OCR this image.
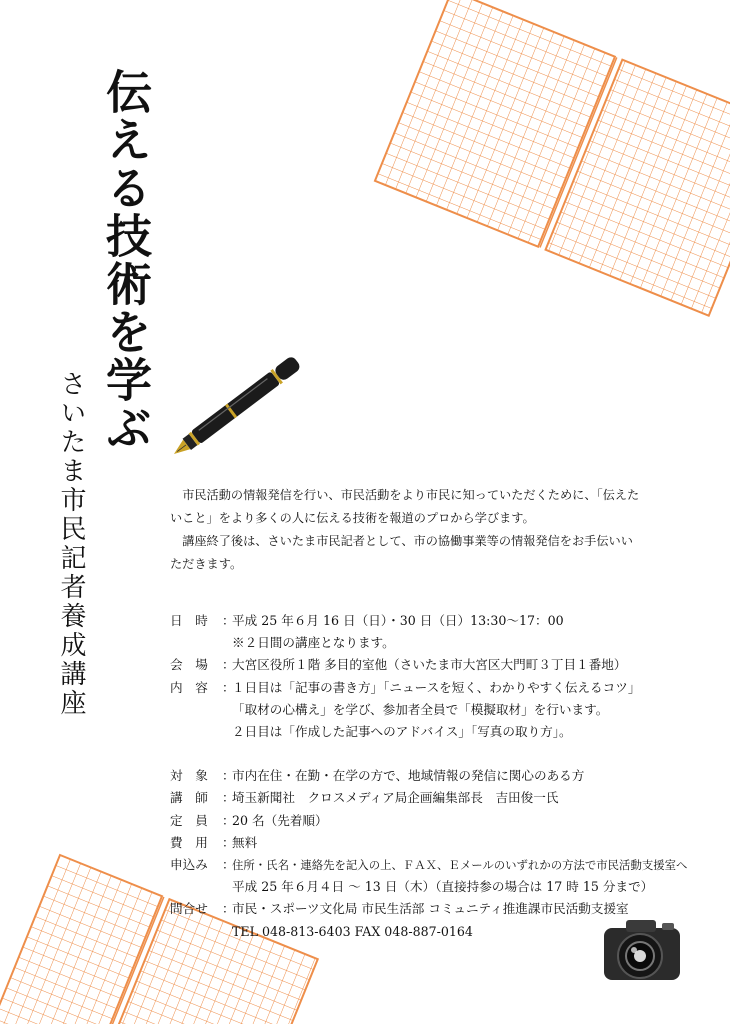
伝える技術を学ぶ
さいたま市民記者養成講座	市民活動の情報発信を行い、市民活動をより市民に知っていただくために、「伝えたいこと」をより多くの人に伝える技術を報道のプロから学びます。

講座終了後は、さいたま市民記者として、市の協働事業等の情報発信をお手伝いいただきます。

日　時	：
平成 25 年６月 16 日（日）・30 日（日）13:30～17：00
※２日間の講座となります。
会　場	：
大宮区役所１階 多目的室他（さいたま市大宮区大門町３丁目１番地）
内　容	：
１日目は「記事の書き方」「ニュースを短く、わかりやすく伝えるコツ」
「取材の心構え」を学び、参加者全員で「模擬取材」を行います。
２日目は「作成した記事へのアドバイス」「写真の取り方」。
対　象	：
市内在住・在勤・在学の方で、地域情報の発信に関心のある方
講　師	：
埼玉新聞社　クロスメディア局企画編集部長　吉田俊一氏
定　員	：
20 名（先着順）
費　用	：
無料
申込み	：
住所・氏名・連絡先を記入の上、ＦＡＸ、Ｅメールのいずれかの方法で市民活動支援室へ
平成 25 年６月４日 ～ 13 日（木）（直接持参の場合は 17 時 15 分まで）
問合せ	：
市民・スポーツ文化局 市民生活部 コミュニティ推進課市民活動支援室
TEL 048-813-6403 FAX 048-887-0164
